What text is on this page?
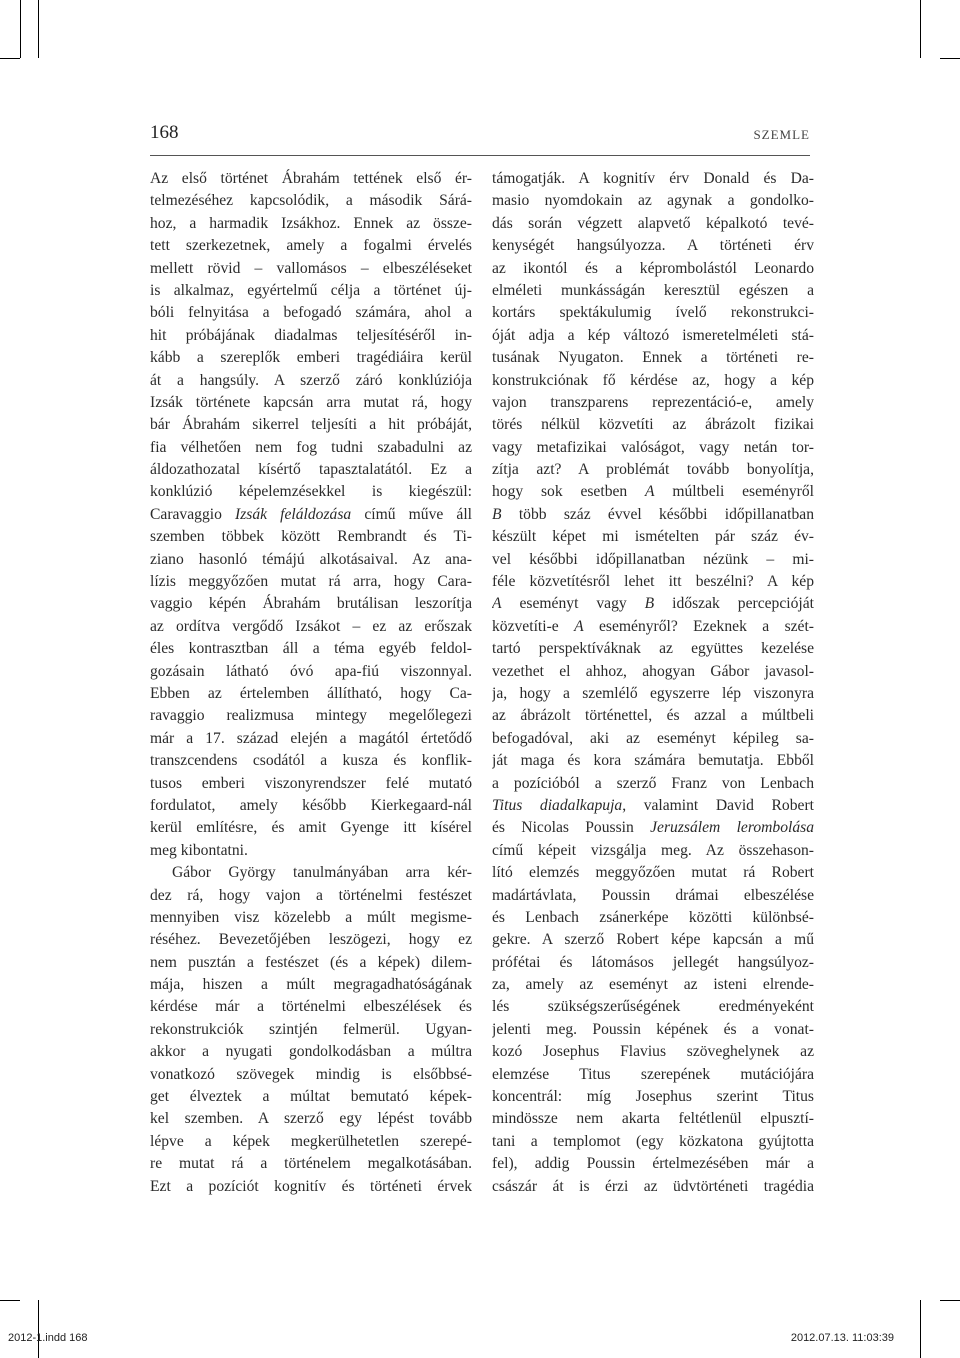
168	SZEMLE
Az első történet Ábrahám tettének első ér-
telmezéséhez kapcsolódik, a második Sárá-
hoz, a harmadik Izsákhoz. Ennek az össze-
tett szerkezetnek, amely a fogalmi érvelés
mellett rövid – vallomásos – elbeszéléseket
is alkalmaz, egyértelmű célja a történet új-
bóli felnyitása a befogadó számára, ahol a
hit próbájának diadalmas teljesítéséről in-
kább a szereplők emberi tragédiáira kerül
át a hangsúly. A szerző záró konklúziója
Izsák története kapcsán arra mutat rá, hogy
bár Ábrahám sikerrel teljesíti a hit próbáját,
fia vélhetően nem fog tudni szabadulni az
áldozathozatal kísértő tapasztalatától. Ez a
konklúzió képelemzésekkel is kiegészül:
Caravaggio Izsák feláldozása című műve áll
szemben többek között Rembrandt és Ti-
ziano hasonló témájú alkotásaival. Az ana-
lízis meggyőzően mutat rá arra, hogy Cara-
vaggio képén Ábrahám brutálisan leszorítja
az ordítva vergődő Izsákot – ez az erőszak
éles kontrasztban áll a téma egyéb feldol-
gozásain látható óvó apa-fiú viszonnyal.
Ebben az értelemben állítható, hogy Ca-
ravaggio realizmusa mintegy megelőlegezi
már a 17. század elején a magától értetődő
transzcendens csodától a kusza és konflik-
tusos emberi viszonyrendszer felé mutató
fordulatot, amely később Kierkegaard-nál
kerül említésre, és amit Gyenge itt kísérel
meg kibontatni.
Gábor György tanulmányában arra kér-
dez rá, hogy vajon a történelmi festészet
mennyiben visz közelebb a múlt megisme-
réséhez. Bevezetőjében leszögezi, hogy ez
nem pusztán a festészet (és a képek) dilem-
mája, hiszen a múlt megragadhatóságának
kérdése már a történelmi elbeszélések és
rekonstrukciók szintjén felmerül. Ugyan-
akkor a nyugati gondolkodásban a múltra
vonatkozó szövegek mindig is elsőbbsé-
get élveztek a múltat bemutató képek-
kel szemben. A szerző egy lépést tovább
lépve a képek megkerülhetetlen szerepé-
re mutat rá a történelem megalkotásában.
Ezt a pozíciót kognitív és történeti érvek
támogatják. A kognitív érv Donald és Da-
masio nyomdokain az agynak a gondolko-
dás során végzett alapvető képalkotó tevé-
kenységét hangsúlyozza. A történeti érv
az ikontól és a képrombolástól Leonardo
elméleti munkásságán keresztül egészen a
kortárs spektákulumig ívelő rekonstrukci-
óját adja a kép változó ismeretelméleti stá-
tusának Nyugaton. Ennek a történeti re-
konstrukciónak fő kérdése az, hogy a kép
vajon transzparens reprezentáció-e, amely
törés nélkül közvetíti az ábrázolt fizikai
vagy metafizikai valóságot, vagy netán tor-
zítja azt? A problémát tovább bonyolítja,
hogy sok esetben A múltbeli eseményről
B több száz évvel későbbi időpillanatban
készült képet mi ismételten pár száz év-
vel későbbi időpillanatban nézünk – mi-
féle közvetítésről lehet itt beszélni? A kép
A eseményt vagy B időszak percepcióját
közvetíti-e A eseményről? Ezeknek a szét-
tartó perspektíváknak az együttes kezelése
vezethet el ahhoz, ahogyan Gábor javasol-
ja, hogy a szemlélő egyszerre lép viszonyra
az ábrázolt történettel, és azzal a múltbeli
befogadóval, aki az eseményt képileg sa-
ját maga és kora számára bemutatja. Ebből
a pozícióból a szerző Franz von Lenbach
Titus diadalkapuja, valamint David Robert
és Nicolas Poussin Jeruzsálem lerombolása
című képeit vizsgálja meg. Az összehason-
lító elemzés meggyőzően mutat rá Robert
madártávlata, Poussin drámai elbeszélése
és Lenbach zsánerképe közötti különbsé-
gekre. A szerző Robert képe kapcsán a mű
prófétai és látomásos jellegét hangsúlyoz-
za, amely az eseményt az isteni elrende-
lés szükségszerűségének eredményeként
jelenti meg. Poussin képének és a vonat-
kozó Josephus Flavius szöveghelynek az
elemzése Titus szerepének mutációjára
koncentrál: míg Josephus szerint Titus
mindössze nem akarta feltétlenül elpusztí-
tani a templomot (egy közkatona gyújtotta
fel), addig Poussin értelmezésében már a
császár át is érzi az üdvtörténeti tragédia
2012-1.indd 168	2012.07.13. 11:03:39
